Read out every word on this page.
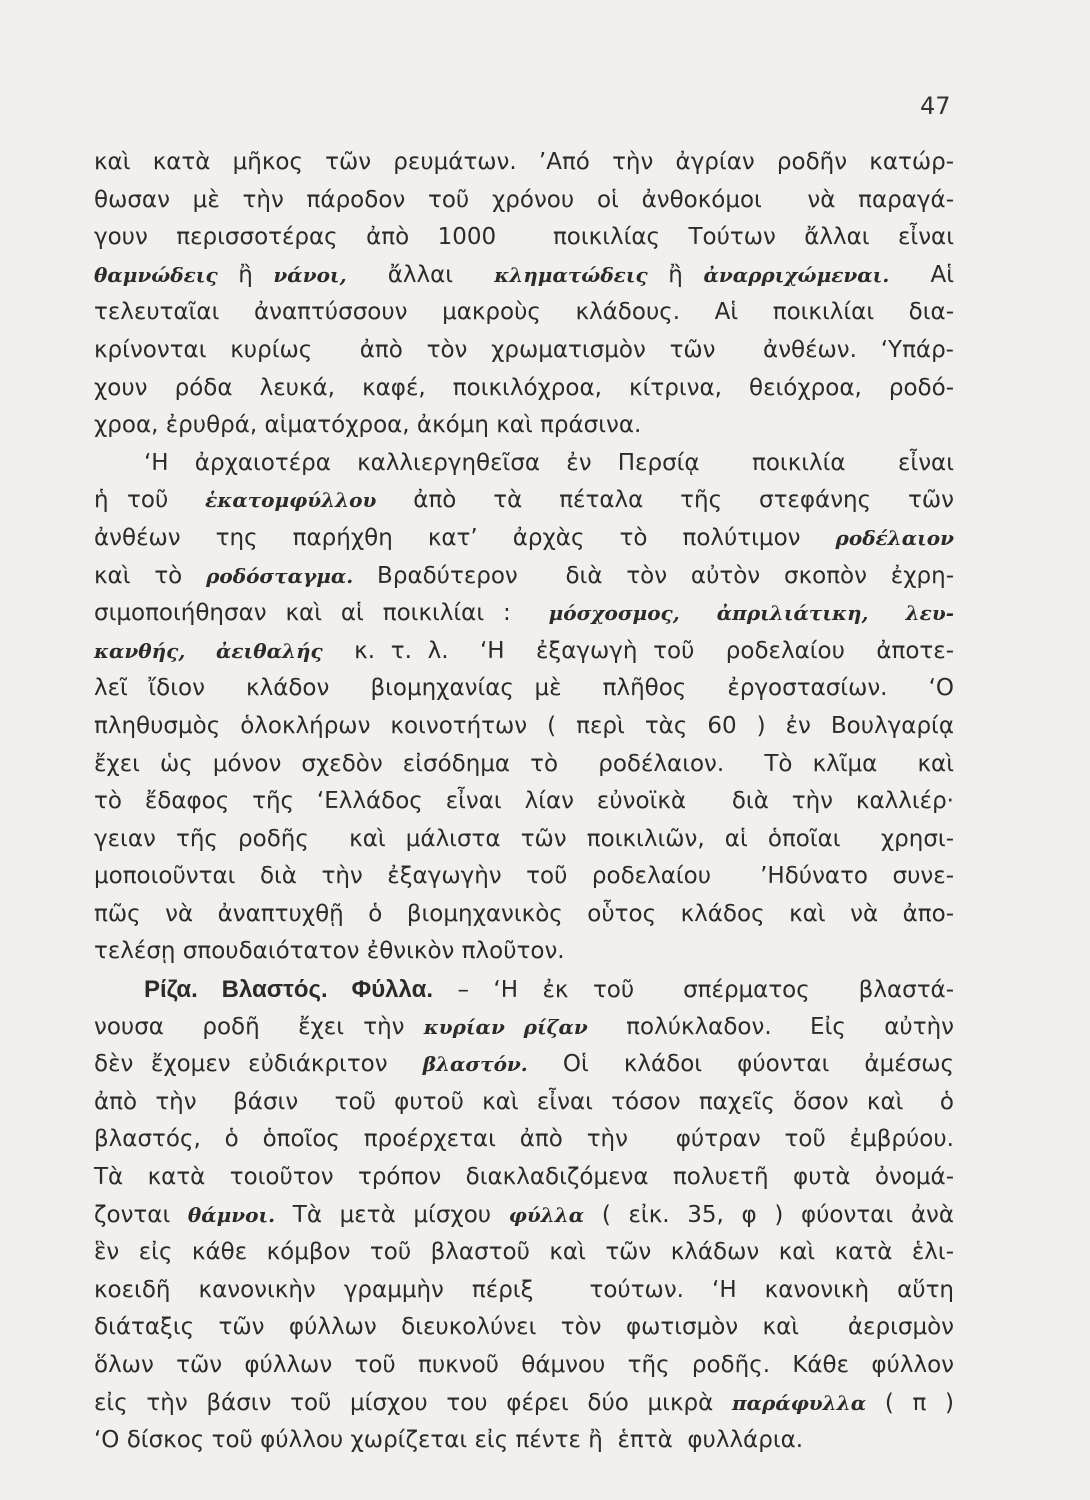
47
καὶ κατὰ μῆκος τῶν ρευμάτων. ’Από τὴν ἀγρίαν ροδῆν κατώρ-
θωσαν μὲ τὴν πάροδον τοῦ χρόνου οἱ ἀνθοκόμοι  νὰ παραγά-
γουν περισσοτέρας ἀπὸ 1000  ποικιλίας Τούτων ἄλλαι εἶναι
θαμνώδεις ἢ νάνοι,  ἄλλαι  κληματώδεις ἢ ἀναρριχώμεναι.  Αἱ
τελευταῖαι ἀναπτύσσουν μακροὺς κλάδους. Αἱ ποικιλίαι δια-
κρίνονται κυρίως  ἀπὸ τὸν χρωματισμὸν τῶν  ἀνθέων. ‘Υπάρ-
χουν ρόδα λευκά, καφέ, ποικιλόχροα, κίτρινα, θειόχροα, ροδό-
χροα, ἐρυθρά, αἱματόχροα, ἀκόμη καὶ πράσινα.
‘Η ἀρχαιοτέρα καλλιεργηθεῖσα ἐν Περσίᾳ  ποικιλία  εἶναι
ἡ τοῦ  ἑκατομφύλλου  ἀπὸ  τὰ  πέταλα  τῆς  στεφάνης  τῶν
ἀνθέων  της  παρήχθη  κατ’  ἀρχὰς  τὸ  πολύτιμον  ροδέλαιον
καὶ τὸ ροδόσταγμα. Βραδύτερον  διὰ τὸν αὐτὸν σκοπὸν ἐχρη-
σιμοποιήθησαν καὶ αἱ ποικιλίαι :  μόσχοσμος,  ἀπριλιάτικη,  λευ-
κανθής,  ἀειθαλής  κ. τ. λ.  ‘Η  ἐξαγωγὴ τοῦ  ροδελαίου  ἀποτε-
λεῖ ἴδιον  κλάδον  βιομηχανίας μὲ  πλῆθος  ἐργοστασίων.  ‘Ο
πληθυσμὸς ὁλοκλήρων κοινοτήτων ( περὶ τὰς 60 ) ἐν Βουλγαρίᾳ
ἔχει ὡς μόνον σχεδὸν εἰσόδημα τὸ  ροδέλαιον.  Τὸ κλῖμα  καὶ
τὸ ἔδαφος τῆς ‘Ελλάδος εἶναι λίαν εὐνοϊκὰ  διὰ τὴν καλλιέρ·
γειαν τῆς ροδῆς  καὶ μάλιστα τῶν ποικιλιῶν, αἱ ὁποῖαι  χρησι-
μοποιοῦνται διὰ τὴν ἐξαγωγὴν τοῦ ροδελαίου  ’Ηδύνατο συνε-
πῶς νὰ ἀναπτυχθῇ ὁ βιομηχανικὸς οὗτος κλάδος καὶ νὰ ἀπο-
τελέσῃ σπουδαιότατον ἐθνικὸν πλοῦτον.
Ρίζα. Βλαστός. Φύλλα. – ‘Η ἐκ τοῦ  σπέρματος  βλαστά-
νουσα  ροδῆ  ἔχει τὴν κυρίαν ρίζαν  πολύκλαδον.  Εἰς  αὐτὴν
δὲν ἔχομεν εὐδιάκριτον  βλαστόν.  Οἱ  κλάδοι  φύονται  ἀμέσως
ἀπὸ τὴν  βάσιν  τοῦ φυτοῦ καὶ εἶναι τόσον παχεῖς ὅσον καὶ  ὁ
βλαστός, ὁ ὁποῖος προέρχεται ἀπὸ τὴν  φύτραν τοῦ ἐμβρύου.
Τὰ κατὰ τοιοῦτον τρόπον διακλαδιζόμενα πολυετῆ φυτὰ ὀνομά-
ζονται θάμνοι. Τὰ μετὰ μίσχου φύλλα ( εἰκ. 35, φ ) φύονται ἀνὰ
ἓν εἰς κάθε κόμβον τοῦ βλαστοῦ καὶ τῶν κλάδων καὶ κατὰ ἑλι-
κοειδῆ κανονικὴν γραμμὴν πέριξ  τούτων. ‘Η κανονικὴ αὕτη
διάταξις τῶν φύλλων διευκολύνει τὸν φωτισμὸν καὶ  ἀερισμὸν
ὅλων τῶν φύλλων τοῦ πυκνοῦ θάμνου τῆς ροδῆς. Κάθε φύλλον
εἰς τὴν βάσιν τοῦ μίσχου του φέρει δύο μικρὰ παράφυλλα ( π )
‘Ο δίσκος τοῦ φύλλου χωρίζεται εἰς πέντε ἢ  ἑπτὰ  φυλλάρια.
